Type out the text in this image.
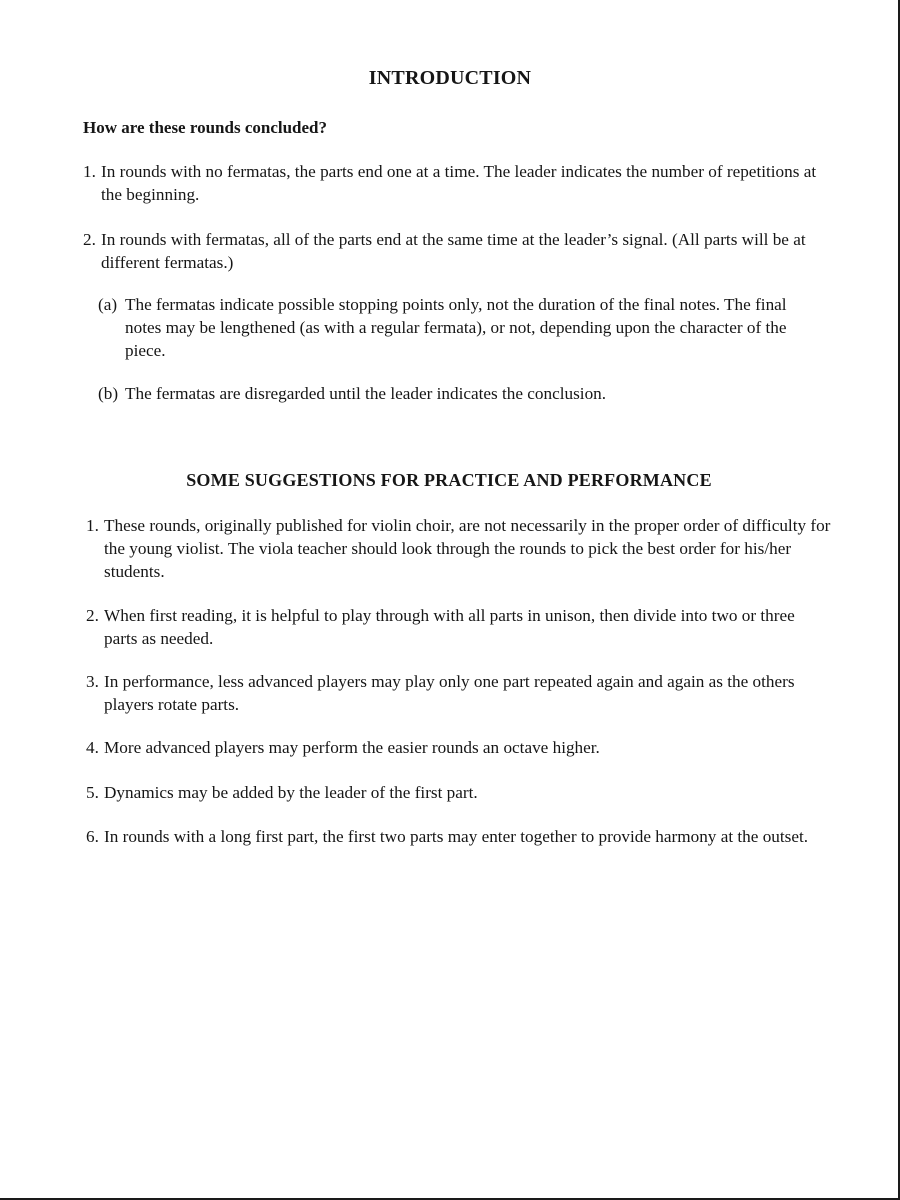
INTRODUCTION

How are these rounds concluded?

1. In rounds with no fermatas, the parts end one at a time. The leader indicates the number of repetitions at the beginning.
2. In rounds with fermatas, all of the parts end at the same time at the leader’s signal. (All parts will be at different fermatas.)
(a) The fermatas indicate possible stopping points only, not the duration of the final notes. The final notes may be lengthened (as with a regular fermata), or not, depending upon the character of the piece.
(b) The fermatas are disregarded until the leader indicates the conclusion.
SOME SUGGESTIONS FOR PRACTICE AND PERFORMANCE
1. These rounds, originally published for violin choir, are not necessarily in the proper order of difficulty for the young violist. The viola teacher should look through the rounds to pick the best order for his/her students.
2. When first reading, it is helpful to play through with all parts in unison, then divide into two or three parts as needed.
3. In performance, less advanced players may play only one part repeated again and again as the others players rotate parts.
4. More advanced players may perform the easier rounds an octave higher.
5. Dynamics may be added by the leader of the first part.
6. In rounds with a long first part, the first two parts may enter together to provide harmony at the outset.
